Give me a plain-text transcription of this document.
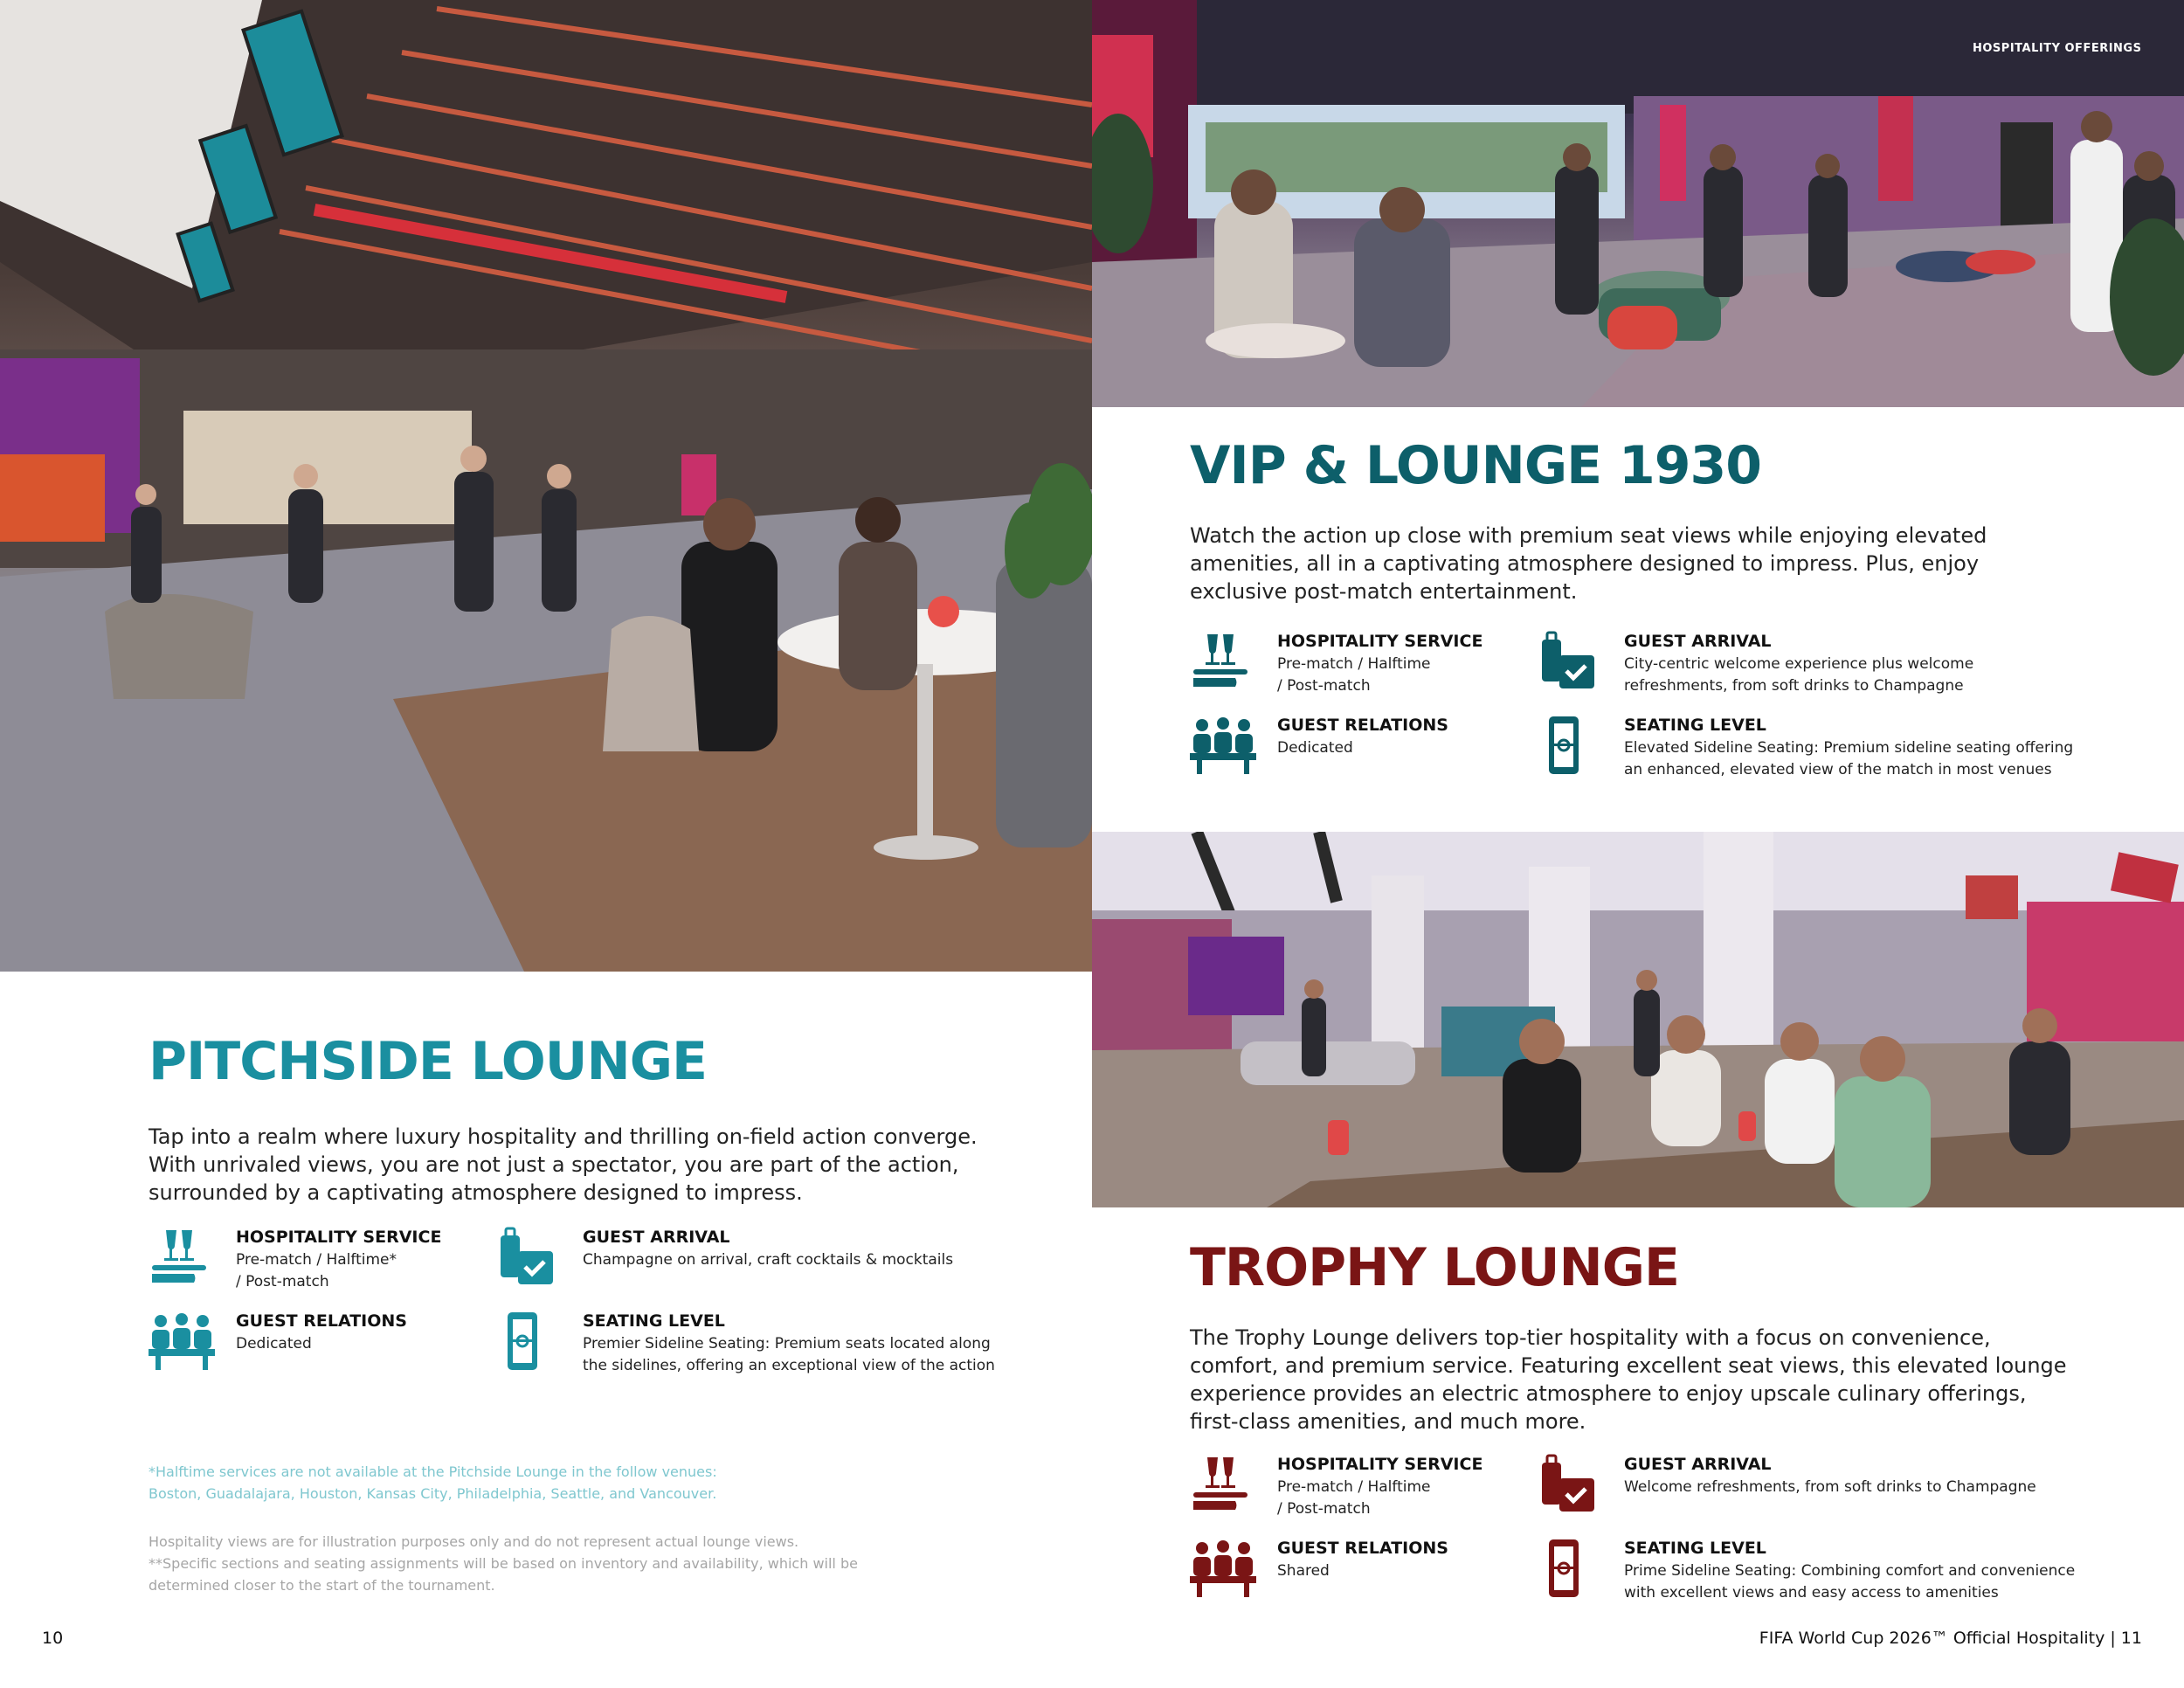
HOSPITALITY OFFERINGS
PITCHSIDE LOUNGE
Tap into a realm where luxury hospitality and thrilling on-field action converge.
With unrivaled views, you are not just a spectator, you are part of the action,
surrounded by a captivating atmosphere designed to impress.
HOSPITALITY SERVICE
Pre-match / Halftime*
/ Post-match
GUEST ARRIVAL
Champagne on arrival, craft cocktails & mocktails
GUEST RELATIONS
Dedicated
SEATING LEVEL
Premier Sideline Seating: Premium seats located along
the sidelines, offering an exceptional view of the action
*Halftime services are not available at the Pitchside Lounge in the follow venues:
Boston, Guadalajara, Houston, Kansas City, Philadelphia, Seattle, and Vancouver.
Hospitality views are for illustration purposes only and do not represent actual lounge views.
**Specific sections and seating assignments will be based on inventory and availability, which will be
determined closer to the start of the tournament.
VIP & LOUNGE 1930
Watch the action up close with premium seat views while enjoying elevated
amenities, all in a captivating atmosphere designed to impress. Plus, enjoy
exclusive post-match entertainment.
HOSPITALITY SERVICE
Pre-match / Halftime
/ Post-match
GUEST ARRIVAL
City-centric welcome experience plus welcome
refreshments, from soft drinks to Champagne
GUEST RELATIONS
Dedicated
SEATING LEVEL
Elevated Sideline Seating: Premium sideline seating offering
an enhanced, elevated view of the match in most venues
TROPHY LOUNGE
The Trophy Lounge delivers top-tier hospitality with a focus on convenience,
comfort, and premium service. Featuring excellent seat views, this elevated lounge
experience provides an electric atmosphere to enjoy upscale culinary offerings,
first-class amenities, and much more.
HOSPITALITY SERVICE
Pre-match / Halftime
/ Post-match
GUEST ARRIVAL
Welcome refreshments, from soft drinks to Champagne
GUEST RELATIONS
Shared
SEATING LEVEL
Prime Sideline Seating: Combining comfort and convenience
with excellent views and easy access to amenities
10	FIFA World Cup 2026™ Official Hospitality | 11
